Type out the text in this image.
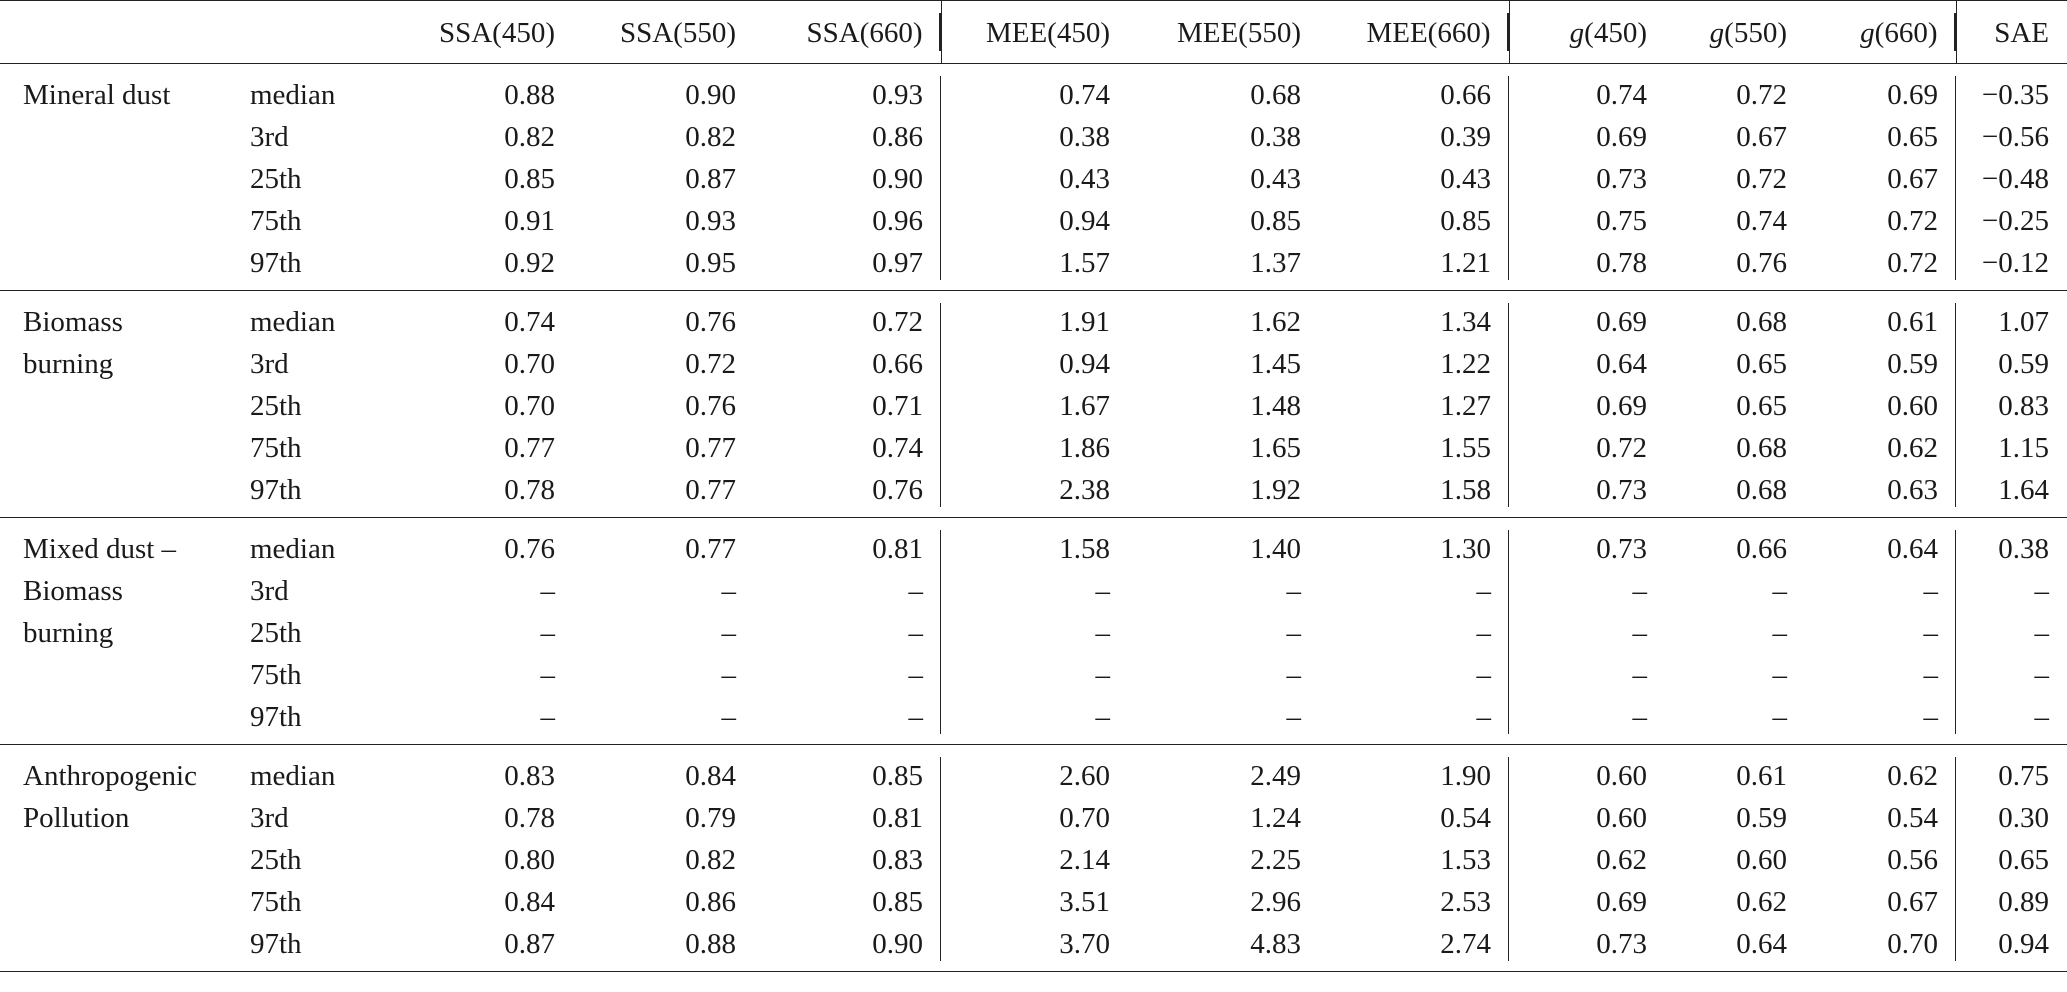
		SSA(450)	SSA(550)	SSA(660)	MEE(450)	MEE(550)	MEE(660)	g(450)	g(550)	g(660)	SAE

Mineral dust	median	0.88	0.90	0.93	0.74	0.68	0.66	0.74	0.72	0.69	−0.35
	3rd	0.82	0.82	0.86	0.38	0.38	0.39	0.69	0.67	0.65	−0.56
	25th	0.85	0.87	0.90	0.43	0.43	0.43	0.73	0.72	0.67	−0.48
	75th	0.91	0.93	0.96	0.94	0.85	0.85	0.75	0.74	0.72	−0.25
	97th	0.92	0.95	0.97	1.57	1.37	1.21	0.78	0.76	0.72	−0.12

Biomass
burning	median	0.74	0.76	0.72	1.91	1.62	1.34	0.69	0.68	0.61	1.07
	3rd	0.70	0.72	0.66	0.94	1.45	1.22	0.64	0.65	0.59	0.59
	25th	0.70	0.76	0.71	1.67	1.48	1.27	0.69	0.65	0.60	0.83
	75th	0.77	0.77	0.74	1.86	1.65	1.55	0.72	0.68	0.62	1.15
	97th	0.78	0.77	0.76	2.38	1.92	1.58	0.73	0.68	0.63	1.64

Mixed dust –
Biomass
burning	median	0.76	0.77	0.81	1.58	1.40	1.30	0.73	0.66	0.64	0.38
	3rd	–	–	–	–	–	–	–	–	–	–
	25th	–	–	–	–	–	–	–	–	–	–
	75th	–	–	–	–	–	–	–	–	–	–
	97th	–	–	–	–	–	–	–	–	–	–

Anthropogenic
Pollution	median	0.83	0.84	0.85	2.60	2.49	1.90	0.60	0.61	0.62	0.75
	3rd	0.78	0.79	0.81	0.70	1.24	0.54	0.60	0.59	0.54	0.30
	25th	0.80	0.82	0.83	2.14	2.25	1.53	0.62	0.60	0.56	0.65
	75th	0.84	0.86	0.85	3.51	2.96	2.53	0.69	0.62	0.67	0.89
	97th	0.87	0.88	0.90	3.70	4.83	2.74	0.73	0.64	0.70	0.94
